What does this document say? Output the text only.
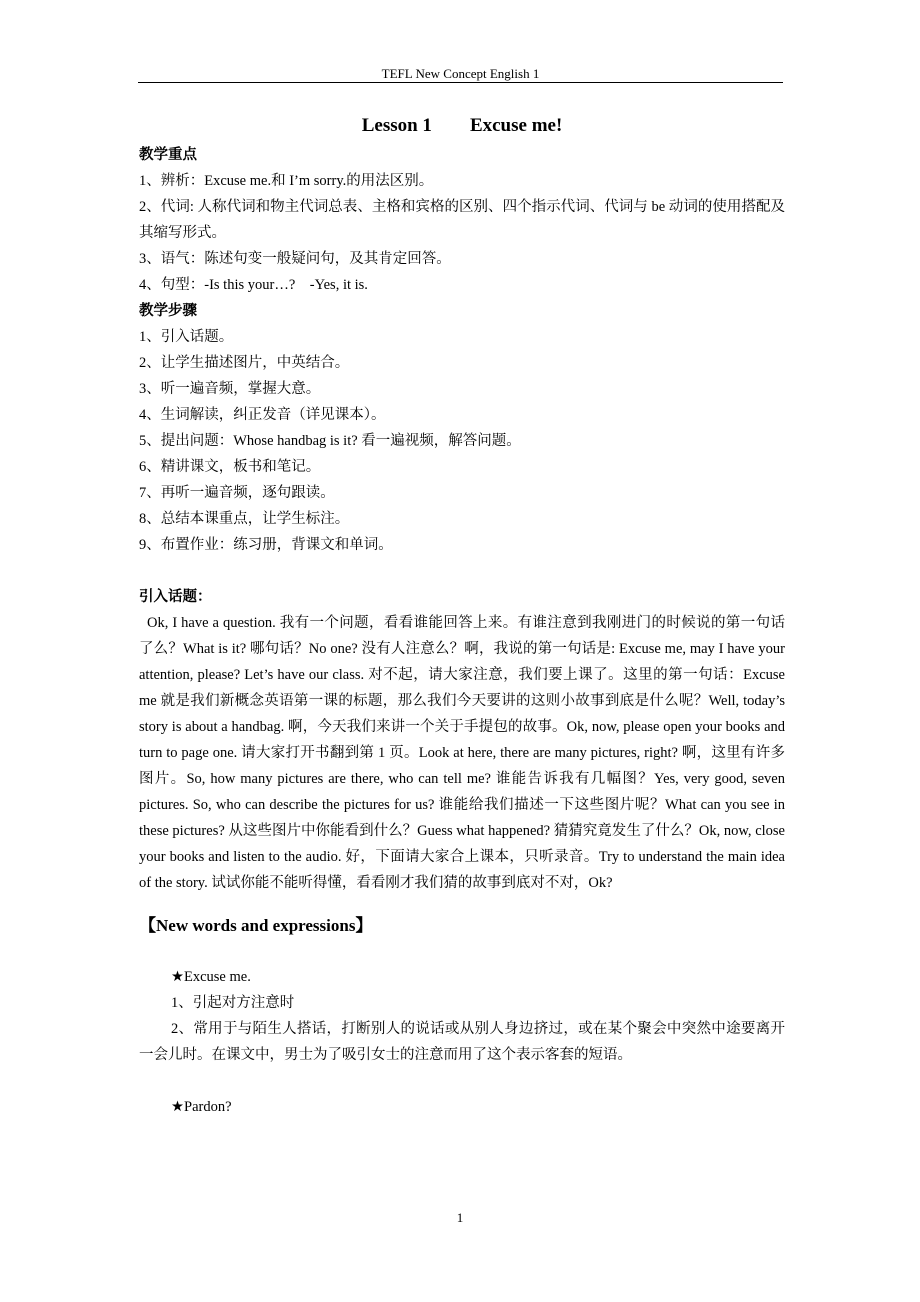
TEFL New Concept English 1
Lesson 1 Excuse me!

教学重点

1、辨析：Excuse me.和 I’m sorry.的用法区别。

2、代词: 人称代词和物主代词总表、主格和宾格的区别、四个指示代词、代词与 be 动词的使用搭配及其缩写形式。

3、语气：陈述句变一般疑问句，及其肯定回答。

4、句型：-Is this your…?    -Yes, it is.

教学步骤

1、引入话题。

2、让学生描述图片，中英结合。

3、听一遍音频，掌握大意。

4、生词解读，纠正发音（详见课本）。

5、提出问题：Whose handbag is it? 看一遍视频，解答问题。

6、精讲课文，板书和笔记。

7、再听一遍音频，逐句跟读。

8、总结本课重点，让学生标注。

9、布置作业：练习册，背课文和单词。

引入话题：

Ok, I have a question. 我有一个问题，看看谁能回答上来。有谁注意到我刚进门的时候说的第一句话了么？What is it? 哪句话？No one? 没有人注意么？啊，我说的第一句话是: Excuse me, may I have your attention, please? Let’s have our class. 对不起，请大家注意，我们要上课了。这里的第一句话：Excuse me 就是我们新概念英语第一课的标题，那么我们今天要讲的这则小故事到底是什么呢？Well, today’s story is about a handbag. 啊，今天我们来讲一个关于手提包的故事。Ok, now, please open your books and turn to page one. 请大家打开书翻到第 1 页。Look at here, there are many pictures, right? 啊，这里有许多图片。So, how many pictures are there, who can tell me? 谁能告诉我有几幅图？Yes, very good, seven pictures. So, who can describe the pictures for us? 谁能给我们描述一下这些图片呢？What can you see in these pictures? 从这些图片中你能看到什么？Guess what happened? 猜猜究竟发生了什么？Ok, now, close your books and listen to the audio. 好，下面请大家合上课本，只听录音。Try to understand the main idea of the story. 试试你能不能听得懂，看看刚才我们猜的故事到底对不对，Ok?

【New words and expressions】

★Excuse me.

1、引起对方注意时

2、常用于与陌生人搭话，打断别人的说话或从别人身边挤过，或在某个聚会中突然中途要离开一会儿时。在课文中，男士为了吸引女士的注意而用了这个表示客套的短语。

★Pardon?

1
